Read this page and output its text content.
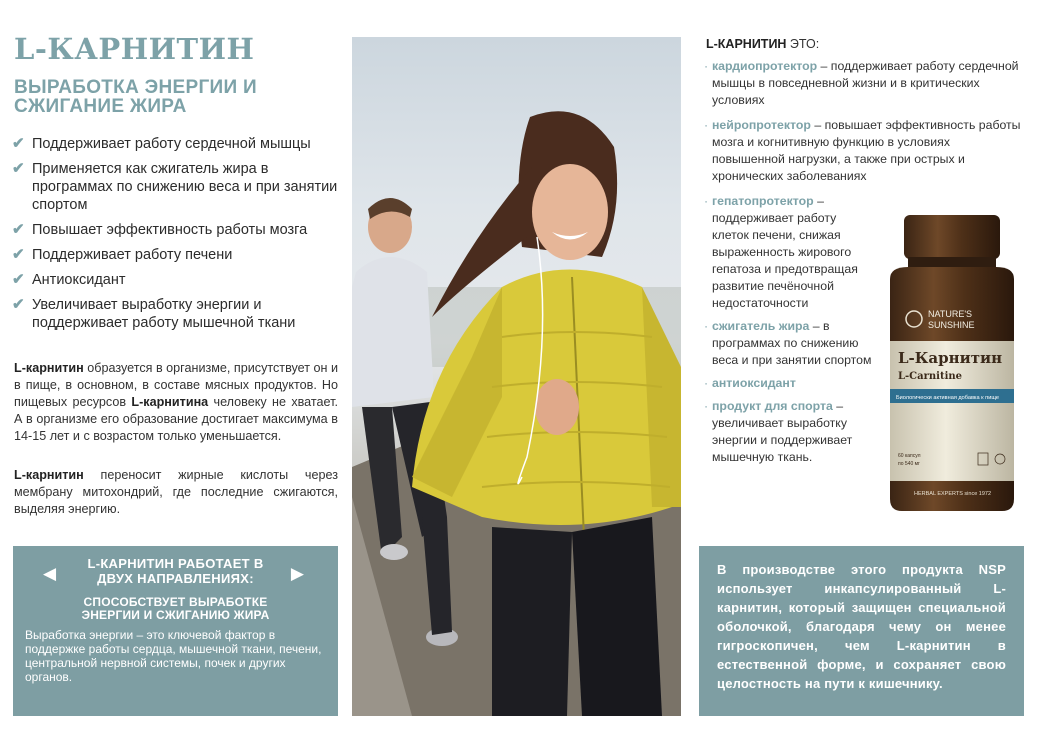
L-КАРНИТИН
ВЫРАБОТКА ЭНЕРГИИ И СЖИГАНИЕ ЖИРА
✔ Поддерживает работу сердечной мышцы
✔ Применяется как сжигатель жира в программах по снижению веса и при занятии спортом
✔ Повышает эффективность работы мозга
✔ Поддерживает работу печени
✔ Антиоксидант
✔ Увеличивает выработку энергии и поддерживает работу мышечной ткани

L-карнитин образуется в организме, присутствует он и в пище, в основном, в составе мясных продуктов. Но пищевых ресурсов L-карнитина человеку не хватает. А в организме его образование достигает максимума в 14-15 лет и с возрастом только уменьшается.

L-карнитин переносит жирные кислоты через мембрану митохондрий, где последние сжигаются, выделяя энергию.

◀	▶
L-КАРНИТИН РАБОТАЕТ В ДВУХ НАПРАВЛЕНИЯХ:
СПОСОБСТВУЕТ ВЫРАБОТКЕ ЭНЕРГИИ И СЖИГАНИЮ ЖИРА
Выработка энергии – это ключевой фактор в поддержке работы сердца, мышечной ткани, печени, центральной нервной системы, почек и других органов.
L-КАРНИТИН ЭТО:
· кардиопротектор – поддерживает работу сердечной мышцы в повседневной жизни и в критических условиях
· нейропротектор – повышает эффективность работы мозга и когнитивную функцию в условиях повышенной нагрузки, а также при острых и хронических заболеваниях
· гепатопротектор – поддерживает работу клеток печени, снижая выраженность жирового гепатоза и предотвращая развитие печёночной недостаточности
· сжигатель жира – в программах по снижению веса и при занятии спортом
· антиоксидант
· продукт для спорта – увеличивает выработку энергии и поддерживает мышечную ткань.
NATURE'S
SUNSHINE
L-Карнитин
L-Carnitine
Биологически активная добавка к пище
60 капсул
по 540 мг
HERBAL EXPERTS since 1972
В производстве этого продукта NSP использует инкапсулированный L-карнитин, который защищен специальной оболочкой, благодаря чему он менее гигроскопичен, чем L-карнитин в естественной форме, и сохраняет свою целостность на пути к кишечнику.
